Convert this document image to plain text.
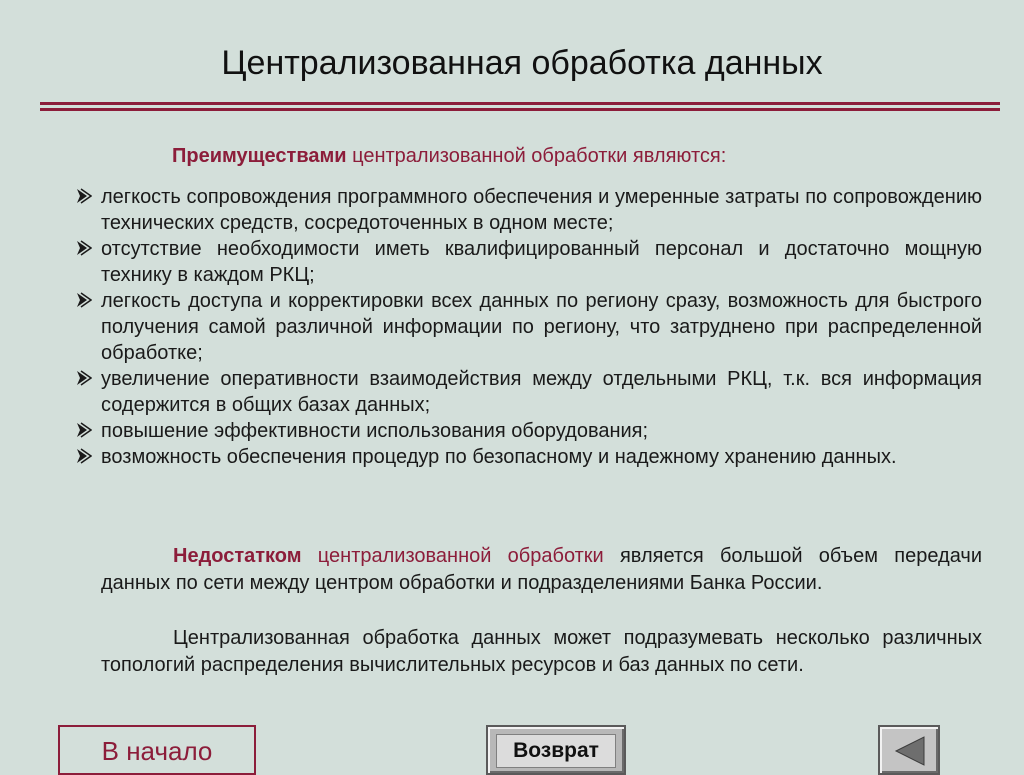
Централизованная обработка данных
Преимуществами централизованной обработки являются:
легкость сопровождения программного обеспечения и умеренные затраты по сопровождению технических средств, сосредоточенных в одном месте;
отсутствие необходимости иметь квалифицированный персонал и достаточно мощную технику в каждом РКЦ;
легкость доступа и корректировки всех данных по региону сразу, возможность для быстрого получения самой различной информации по региону, что затруднено при распределенной обработке;
увеличение оперативности взаимодействия между отдельными РКЦ, т.к. вся информация содержится в общих базах данных;
повышение эффективности использования оборудования;
возможность обеспечения процедур по безопасному и надежному хранению данных.
Недостатком централизованной обработки является большой объем передачи данных по сети между центром обработки и подразделениями Банка России.
Централизованная обработка данных может подразумевать несколько различных топологий распределения вычислительных ресурсов и баз данных по сети.
В начало	Возврат
